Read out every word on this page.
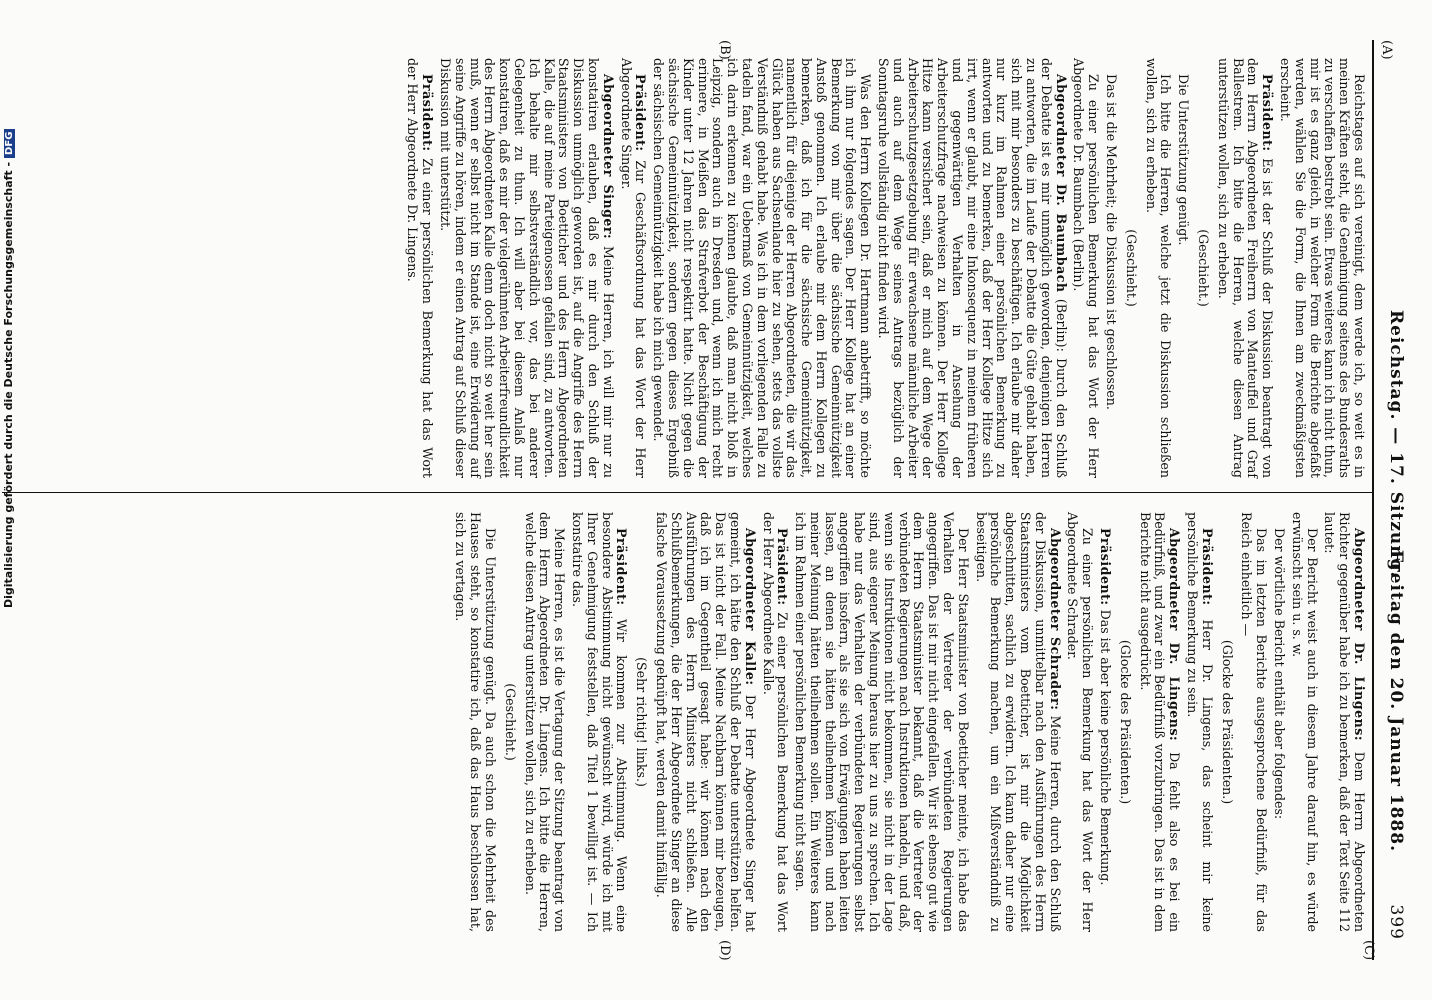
Reichstag. — 17. Sitzung.
Freitag den 20. Januar 1888.
399
(A)
(B)
(C)
(D)

Reichstages auf sich vereinigt, dem werde ich, so weit es in meinen Kräften steht, die Genehmigung seitens des Bundesraths zu verschaffen bestrebt sein. Etwas weiteres kann ich nicht thun, mir ist es ganz gleich, in welcher Form die Berichte abgefaßt werden, wählen Sie die Form, die Ihnen am zweckmäßigsten erscheint.

Präsident: Es ist der Schluß der Diskussion beantragt von dem Herrn Abgeordneten Freiherrn von Manteuffel und Graf Ballestrem. Ich bitte die Herren, welche diesen Antrag unterstützen wollen, sich zu erheben.

(Geschieht.)

Die Unterstützung genügt.

Ich bitte die Herren, welche jetzt die Diskussion schließen wollen, sich zu erheben.

(Geschieht.)

Das ist die Mehrheit; die Diskussion ist geschlossen.

Zu einer persönlichen Bemerkung hat das Wort der Herr Abgeordnete Dr. Baumbach (Berlin).

Abgeordneter Dr. Baumbach (Berlin): Durch den Schluß der Debatte ist es mir unmöglich geworden, denjenigen Herren zu antworten, die im Laufe der Debatte die Güte gehabt haben, sich mit mir besonders zu beschäftigen. Ich erlaube mir daher nur kurz im Rahmen einer persönlichen Bemerkung zu antworten und zu bemerken, daß der Herr Kollege Hitze sich irrt, wenn er glaubt, mir eine Inkonsequenz in meinem früheren und gegenwärtigen Verhalten in Ansehung der Arbeiterschutzfrage nachweisen zu können. Der Herr Kollege Hitze kann versichert sein, daß er mich auf dem Wege der Arbeiterschutzgesetzgebung für erwachsene männliche Arbeiter und auch auf dem Wege seines Antrags bezüglich der Sonntagsruhe vollständig nicht finden wird.

Was den Herrn Kollegen Dr. Hartmann anbetrifft, so möchte ich ihm nur folgendes sagen. Der Herr Kollege hat an einer Bemerkung von mir über die sächsische Gemeinnützigkeit Anstoß genommen. Ich erlaube mir dem Herrn Kollegen zu bemerken, daß ich für die sächsische Gemeinnützigkeit, namentlich für diejenige der Herren Abgeordneten, die wir das Glück haben aus Sachsenlande hier zu sehen, stets das vollste Verständniß gehabt habe. Was ich in dem vorliegenden Falle zu tadeln fand, war ein Uebermaß von Gemeinnützigkeit, welches ich darin erkennen zu können glaubte, daß man nicht bloß in Leipzig, sondern auch in Dresden und, wenn ich mich recht erinnere, in Meißen das Strafverbot der Beschäftigung der Kinder unter 12 Jahren nicht respektirt hatte. Nicht gegen die sächsische Gemeinnützigkeit, sondern gegen dieses Ergebniß der sächsischen Gemeinnützigkeit habe ich mich gewendet.

Präsident: Zur Geschäftsordnung hat das Wort der Herr Abgeordnete Singer.

Abgeordneter Singer: Meine Herren, ich will mir nur zu konstatiren erlauben, daß es mir durch den Schluß der Diskussion unmöglich geworden ist, auf die Angriffe des Herrn Staatsministers von Boetticher und des Herrn Abgeordneten Kalle, die auf meine Parteigenossen gefallen sind, zu antworten. Ich behalte mir selbstverständlich vor, das bei anderer Gelegenheit zu thun. Ich will aber bei diesem Anlaß nur konstatiren, daß es mir der vielgerühmten Arbeiterfreundlichkeit des Herrn Abgeordneten Kalle denn doch nicht so weit her sein muß, wenn er selbst nicht im Stande ist, eine Erwiderung auf seine Angriffe zu hören, indem er einen Antrag auf Schluß dieser Diskussion mit unterstützt.

Präsident: Zu einer persönlichen Bemerkung hat das Wort der Herr Abgeordnete Dr. Lingens.

Abgeordneter Dr. Lingens: Dem Herrn Abgeordneten Richter gegenüber habe ich zu bemerken, daß der Text Seite 112 lautet:

Der Bericht weist auch in diesem Jahre darauf hin, es würde erwünscht sein u. s. w.

Der wörtliche Bericht enthält aber folgendes:

Das im letzten Berichte ausgesprochene Bedürfniß, für das Reich einheitlich —

(Glocke des Präsidenten.)

Präsident: Herr Dr. Lingens, das scheint mir keine persönliche Bemerkung zu sein.

Abgeordneter Dr. Lingens: Da fehlt also es bei ein Bedürfniß, und zwar ein Bedürfniß vorzubringen. Das ist in dem Berichte nicht ausgedrückt.

(Glocke des Präsidenten.)

Präsident: Das ist aber keine persönliche Bemerkung.

Zu einer persönlichen Bemerkung hat das Wort der Herr Abgeordnete Schrader.

Abgeordneter Schrader: Meine Herren, durch den Schluß der Diskussion, unmittelbar nach den Ausführungen des Herrn Staatsministers vom Boetticher, ist mir die Möglichkeit abgeschnitten, sachlich zu erwidern. Ich kann daher nur eine persönliche Bemerkung machen, um ein Mißverständniß zu beseitigen.

Der Herr Staatsminister von Boetticher meinte, ich habe das Verhalten der Vertreter der verbündeten Regierungen angegriffen. Das ist mir nicht eingefallen. Wir ist ebenso gut wie dem Herrn Staatsminister bekannt, daß die Vertreter der verbündeten Regierungen nach Instruktionen handeln, und daß, wenn sie Instruktionen nicht bekommen, sie nicht in der Lage sind, aus eigener Meinung heraus hier zu uns zu sprechen. Ich habe nur das Verhalten der verbündeten Regierungen selbst angegriffen insofern, als sie sich von Erwägungen haben leiten lassen, an denen sie hätten theilnehmen können und nach meiner Meinung hätten theilnehmen sollen. Ein Weiteres kann ich im Rahmen einer persönlichen Bemerkung nicht sagen.

Präsident: Zu einer persönlichen Bemerkung hat das Wort der Herr Abgeordnete Kalle.

Abgeordneter Kalle: Der Herr Abgeordnete Singer hat gemeint, ich hätte den Schluß der Debatte unterstützen helfen. Das ist nicht der Fall. Meine Nachbarn können mir bezeugen, daß ich im Gegentheil gesagt habe: wir können nach den Ausführungen des Herrn Ministers nicht schließen. Alle Schlußbemerkungen, die der Herr Abgeordnete Singer an diese falsche Voraussetzung geknüpft hat, werden damit hinfällig.

(Sehr richtig! links.)

Präsident: Wir kommen zur Abstimmung. Wenn eine besondere Abstimmung nicht gewünscht wird, würde ich mit Ihrer Genehmigung feststellen, daß Titel 1 bewilligt ist. — Ich konstatire das.

Meine Herren, es ist die Vertagung der Sitzung beantragt von dem Herrn Abgeordneten Dr. Lingens. Ich bitte die Herren, welche diesen Antrag unterstützen wollen, sich zu erheben.

(Geschieht.)

Die Unterstützung genügt. Da auch schon die Mehrheit des Hauses steht, so konstatire ich, daß das Haus beschlossen hat, sich zu vertagen.

Digitalisierung gefördert durch die Deutsche Forschungsgemeinschaft -DFG
